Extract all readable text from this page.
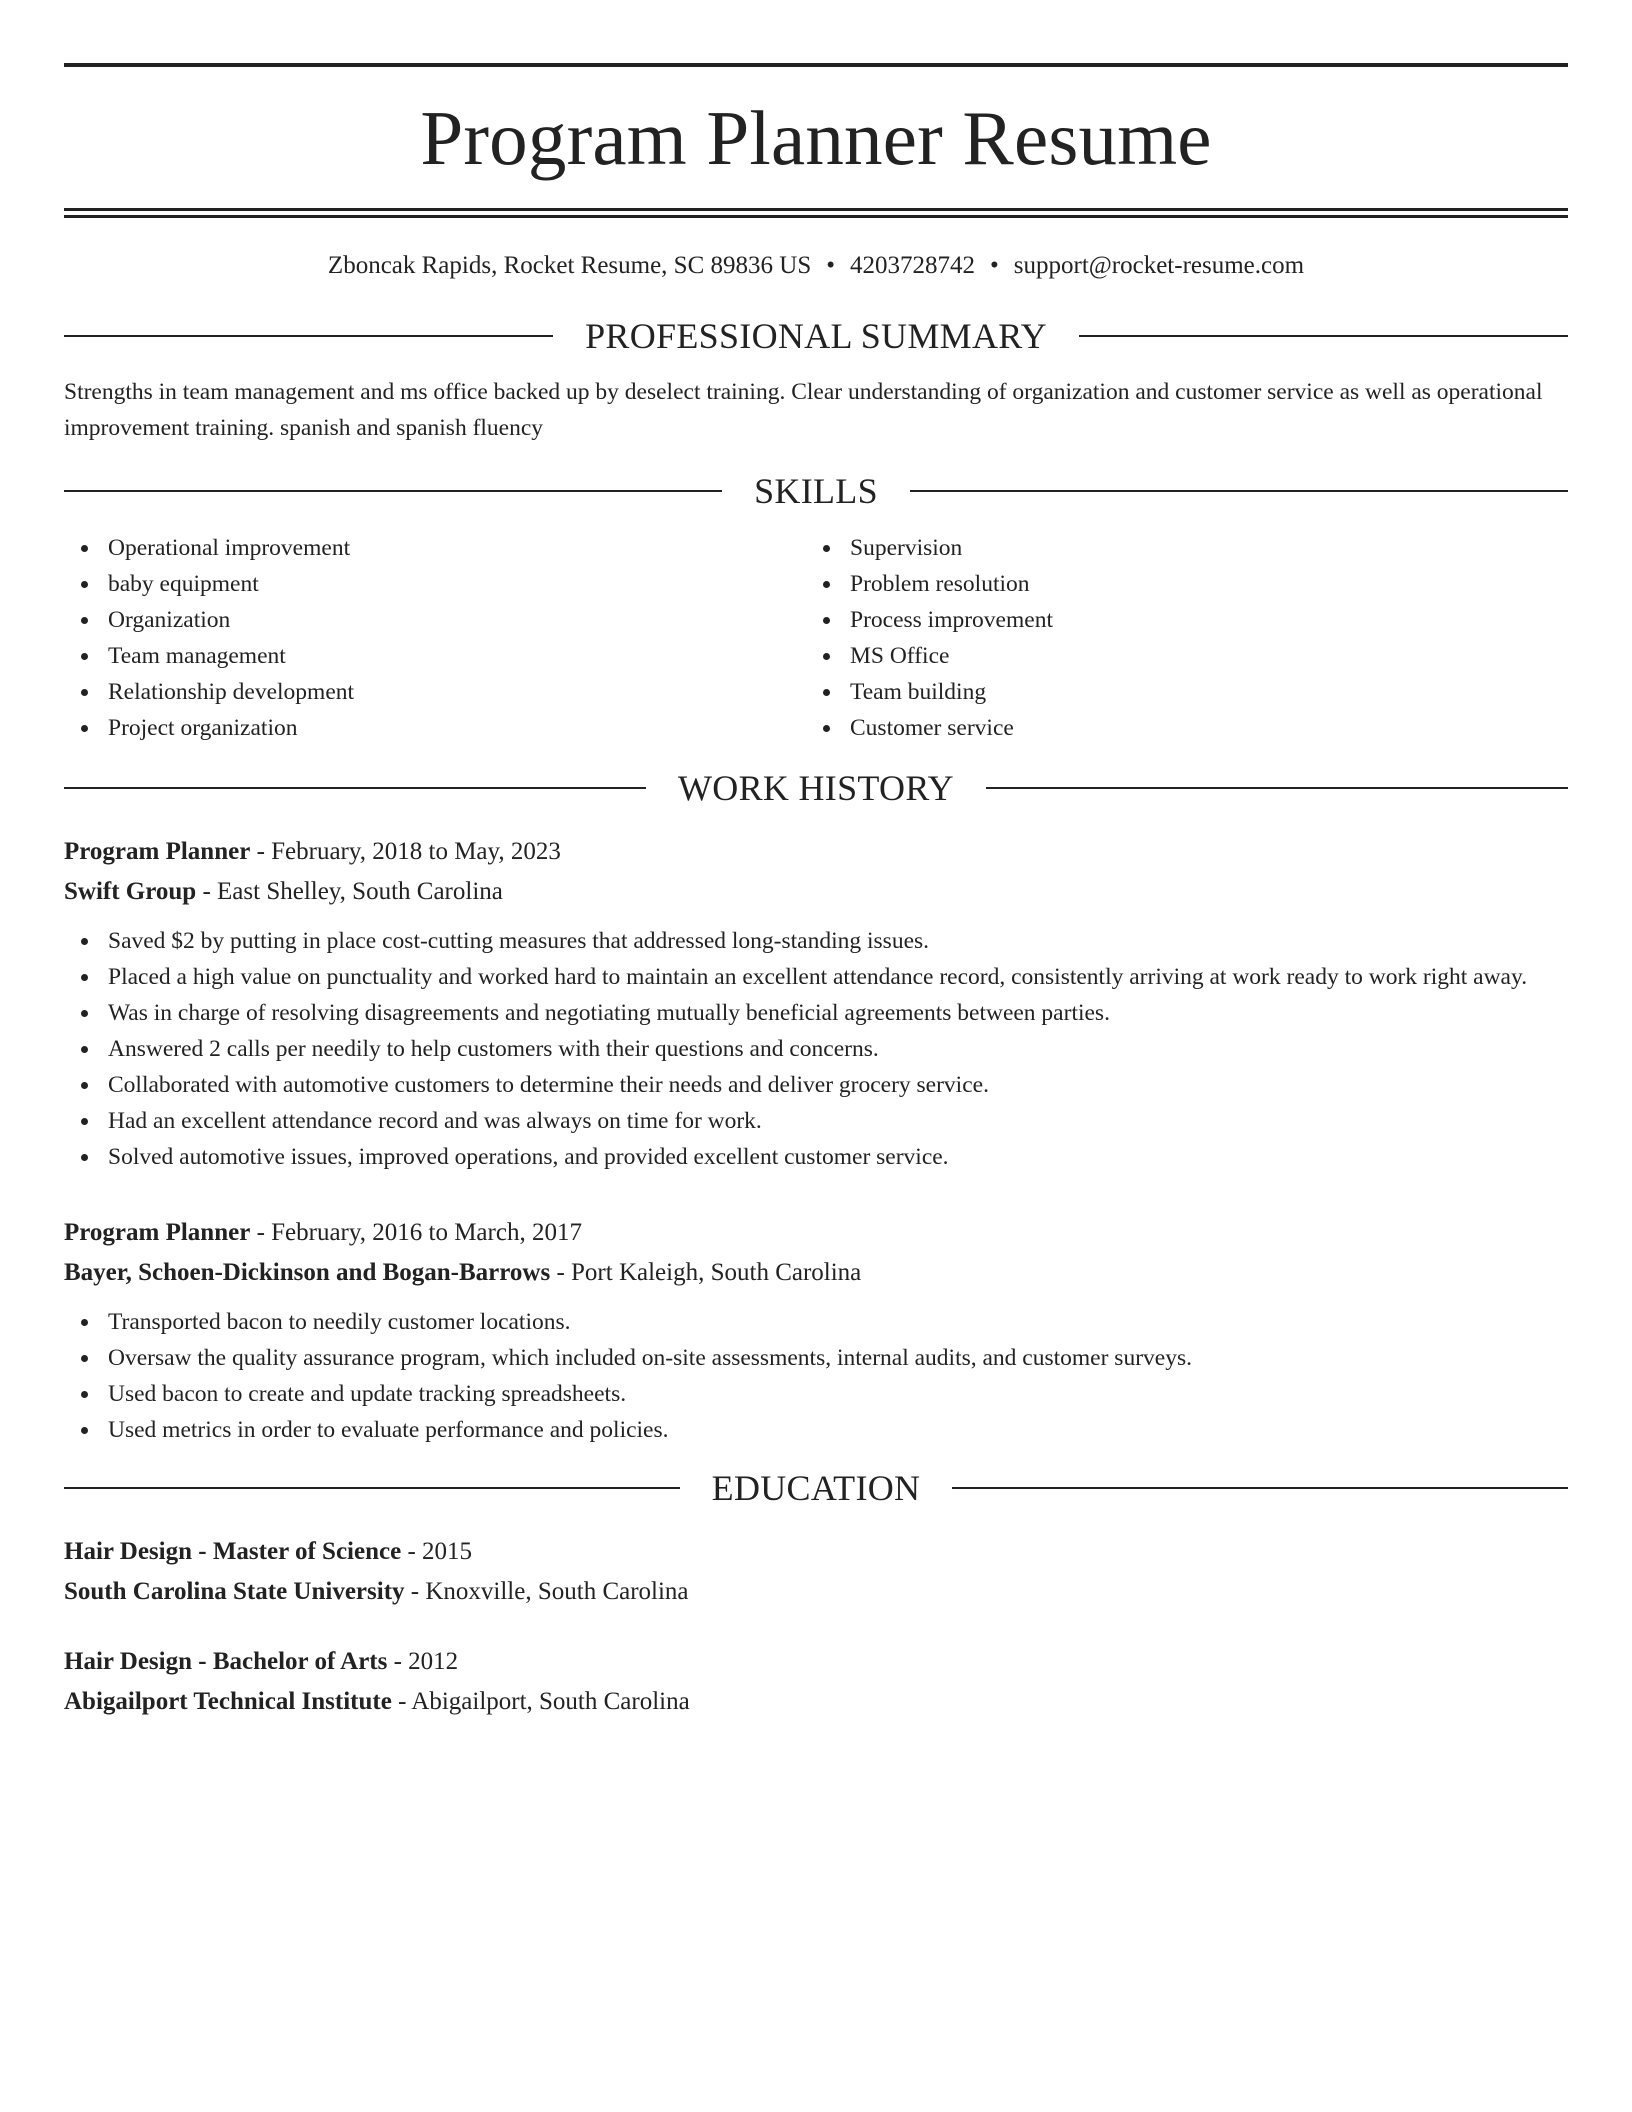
Program Planner Resume
Zboncak Rapids, Rocket Resume, SC 89836 US • 4203728742 • support@rocket-resume.com
PROFESSIONAL SUMMARY
Strengths in team management and ms office backed up by deselect training. Clear understanding of organization and customer service as well as operational improvement training. spanish and spanish fluency
SKILLS
Operational improvement
baby equipment
Organization
Team management
Relationship development
Project organization
Supervision
Problem resolution
Process improvement
MS Office
Team building
Customer service
WORK HISTORY
Program Planner - February, 2018 to May, 2023
Swift Group - East Shelley, South Carolina
Saved $2 by putting in place cost-cutting measures that addressed long-standing issues.
Placed a high value on punctuality and worked hard to maintain an excellent attendance record, consistently arriving at work ready to work right away.
Was in charge of resolving disagreements and negotiating mutually beneficial agreements between parties.
Answered 2 calls per needily to help customers with their questions and concerns.
Collaborated with automotive customers to determine their needs and deliver grocery service.
Had an excellent attendance record and was always on time for work.
Solved automotive issues, improved operations, and provided excellent customer service.
Program Planner - February, 2016 to March, 2017
Bayer, Schoen-Dickinson and Bogan-Barrows - Port Kaleigh, South Carolina
Transported bacon to needily customer locations.
Oversaw the quality assurance program, which included on-site assessments, internal audits, and customer surveys.
Used bacon to create and update tracking spreadsheets.
Used metrics in order to evaluate performance and policies.
EDUCATION
Hair Design - Master of Science - 2015
South Carolina State University - Knoxville, South Carolina
Hair Design - Bachelor of Arts - 2012
Abigailport Technical Institute - Abigailport, South Carolina
